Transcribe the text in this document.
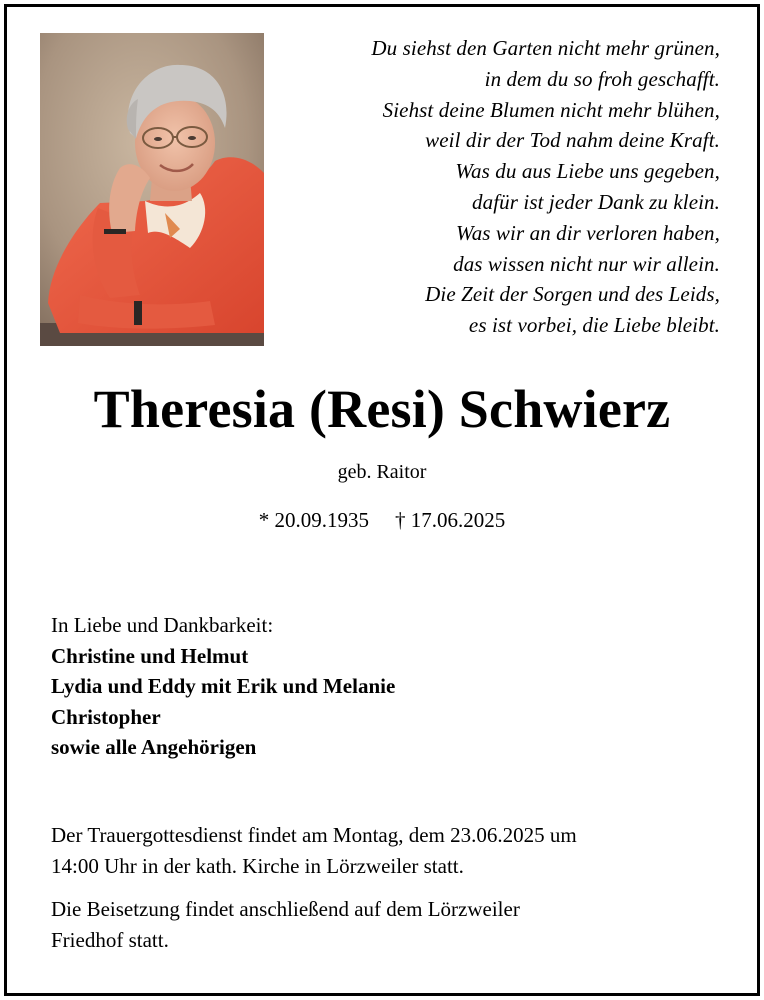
Du siehst den Garten nicht mehr grünen,
in dem du so froh geschafft.
Siehst deine Blumen nicht mehr blühen,
weil dir der Tod nahm deine Kraft.
Was du aus Liebe uns gegeben,
dafür ist jeder Dank zu klein.
Was wir an dir verloren haben,
das wissen nicht nur wir allein.
Die Zeit der Sorgen und des Leids,
es ist vorbei, die Liebe bleibt.
Theresia (Resi) Schwierz
geb. Raitor
* 20.09.1935 † 17.06.2025
In Liebe und Dankbarkeit:
Christine und Helmut
Lydia und Eddy mit Erik und Melanie
Christopher
sowie alle Angehörigen
Der Trauergottesdienst findet am Montag, dem 23.06.2025 um
14:00 Uhr in der kath. Kirche in Lörzweiler statt.
Die Beisetzung findet anschließend auf dem Lörzweiler
Friedhof statt.
